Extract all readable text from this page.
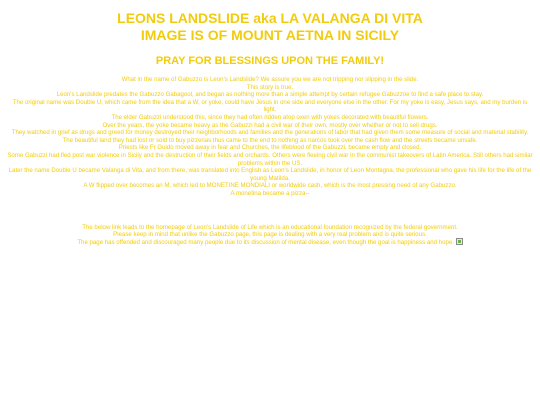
LEONS LANDSLIDE aka LA VALANGA DI VITA
IMAGE IS OF MOUNT AETNA IN SICILY
PRAY FOR BLESSINGS UPON THE FAMILY!
What in the name of Gabuzzo is Leon's Landslide? We assure you we are not tripping nor slipping in the slide.
This story is true.
Leon's Landslide predates the Gabuzzo Gabagool, and began as nothing more than a simple attempt by certain refugee Gabuzzoe to find a safe place to stay.
The original name was Double U, which came from the idea that a W, or yoke, could have Jesus in one side and everyone else in the other. For my yoke is easy, Jesus says, and my burden is light.
The elder Gabuzzi understood this, since they had often ridden atop oxen with yokes decorated with beautiful flowers.
Over the years, the yoke became heavy as the Gabuzzi had a civil war of their own, mostly over whether or not to sell drugs.
They watched in grief as drugs and greed for money destroyed their neighborhoods and families and the generations of labor that had given them some measure of social and material stability.
The beautiful land they had lost or sold to buy pizzerias thus came to the end to nothing as narcos took over the cash flow and the streets became unsafe.
Priests like Fr Guido moved away in fear and Churches, the lifeblood of the Gabuzzi, became empty and closed.
Some Gabuzzi had fled post war violence in Sicily and the destruction of their fields and orchards. Others were fleeing civil war in the communist takeovers of Latin America. Still others had similar problems within the US.
Later the name Double U became Valanga di Vita, and from there, was translated into English as Leon's Landslide, in honor of Leon Montagna, the professional who gave his life for the life of the young Matilda.
A W flipped over becomes an M, which led to MONETINE MONDIALI or worldwide cash, which is the most pressing need of any Gabuzzo.
A monetina became a pizza--
The below link leads to the homepage of Leon's Landslide of Life which is an educational foundation recognized by the federal government.
Please keep in mind that unlike the Gabuzzo page, this page is dealing with a very real problem and is quite serious.
The page has offended and discouraged many people due to its discussion of mental disease, even though the goal is happiness and hope.
